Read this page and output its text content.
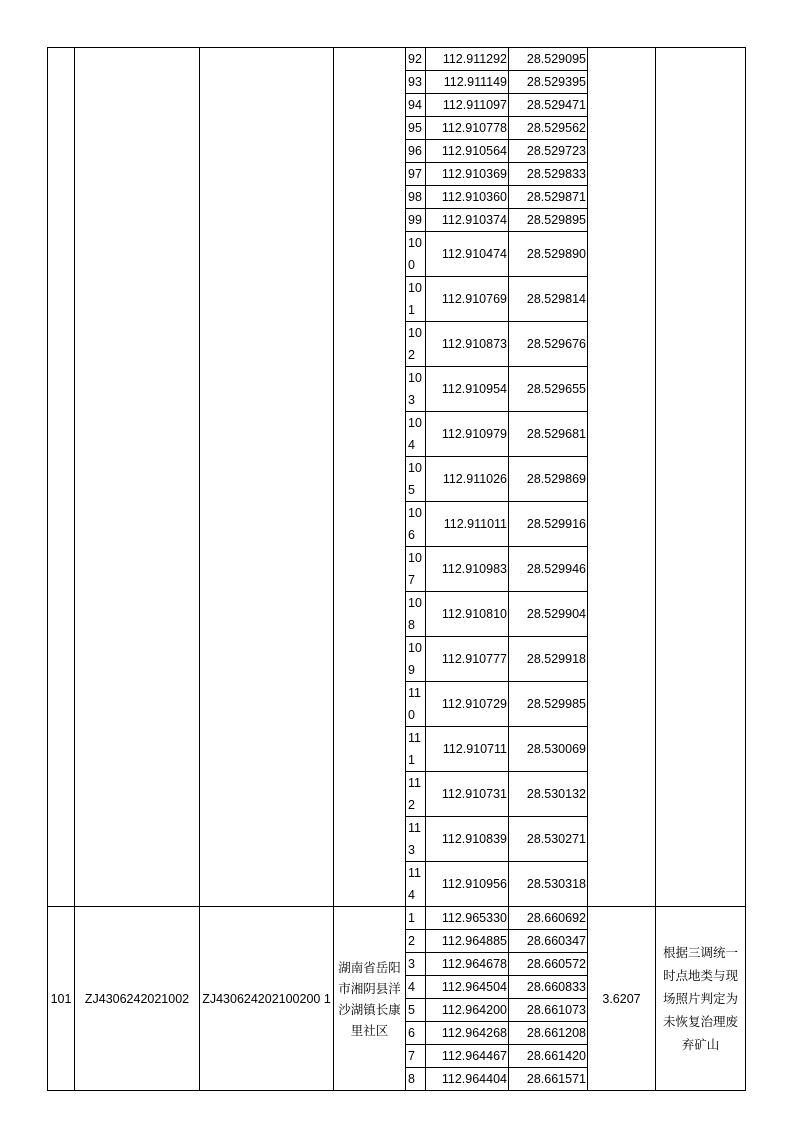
				92	112.911292	28.529095		
				93	112.911149	28.529395		
				94	112.911097	28.529471		
				95	112.910778	28.529562		
				96	112.910564	28.529723		
				97	112.910369	28.529833		
				98	112.910360	28.529871		
				99	112.910374	28.529895		
				100	112.910474	28.529890		
				101	112.910769	28.529814		
				102	112.910873	28.529676		
				103	112.910954	28.529655		
				104	112.910979	28.529681		
				105	112.911026	28.529869		
				106	112.911011	28.529916		
				107	112.910983	28.529946		
				108	112.910810	28.529904		
				109	112.910777	28.529918		
				110	112.910729	28.529985		
				111	112.910711	28.530069		
				112	112.910731	28.530132		
				113	112.910839	28.530271		
				114	112.910956	28.530318		
101	ZJ4306242021002	ZJ430624202100200 1	湖南省岳阳市湘阴县洋沙湖镇长康里社区	1	112.965330	28.660692	3.6207	根据三调统一时点地类与现场照片判定为未恢复治理废弃矿山
				2	112.964885	28.660347		
				3	112.964678	28.660572		
				4	112.964504	28.660833		
				5	112.964200	28.661073		
				6	112.964268	28.661208		
				7	112.964467	28.661420		
				8	112.964404	28.661571		
